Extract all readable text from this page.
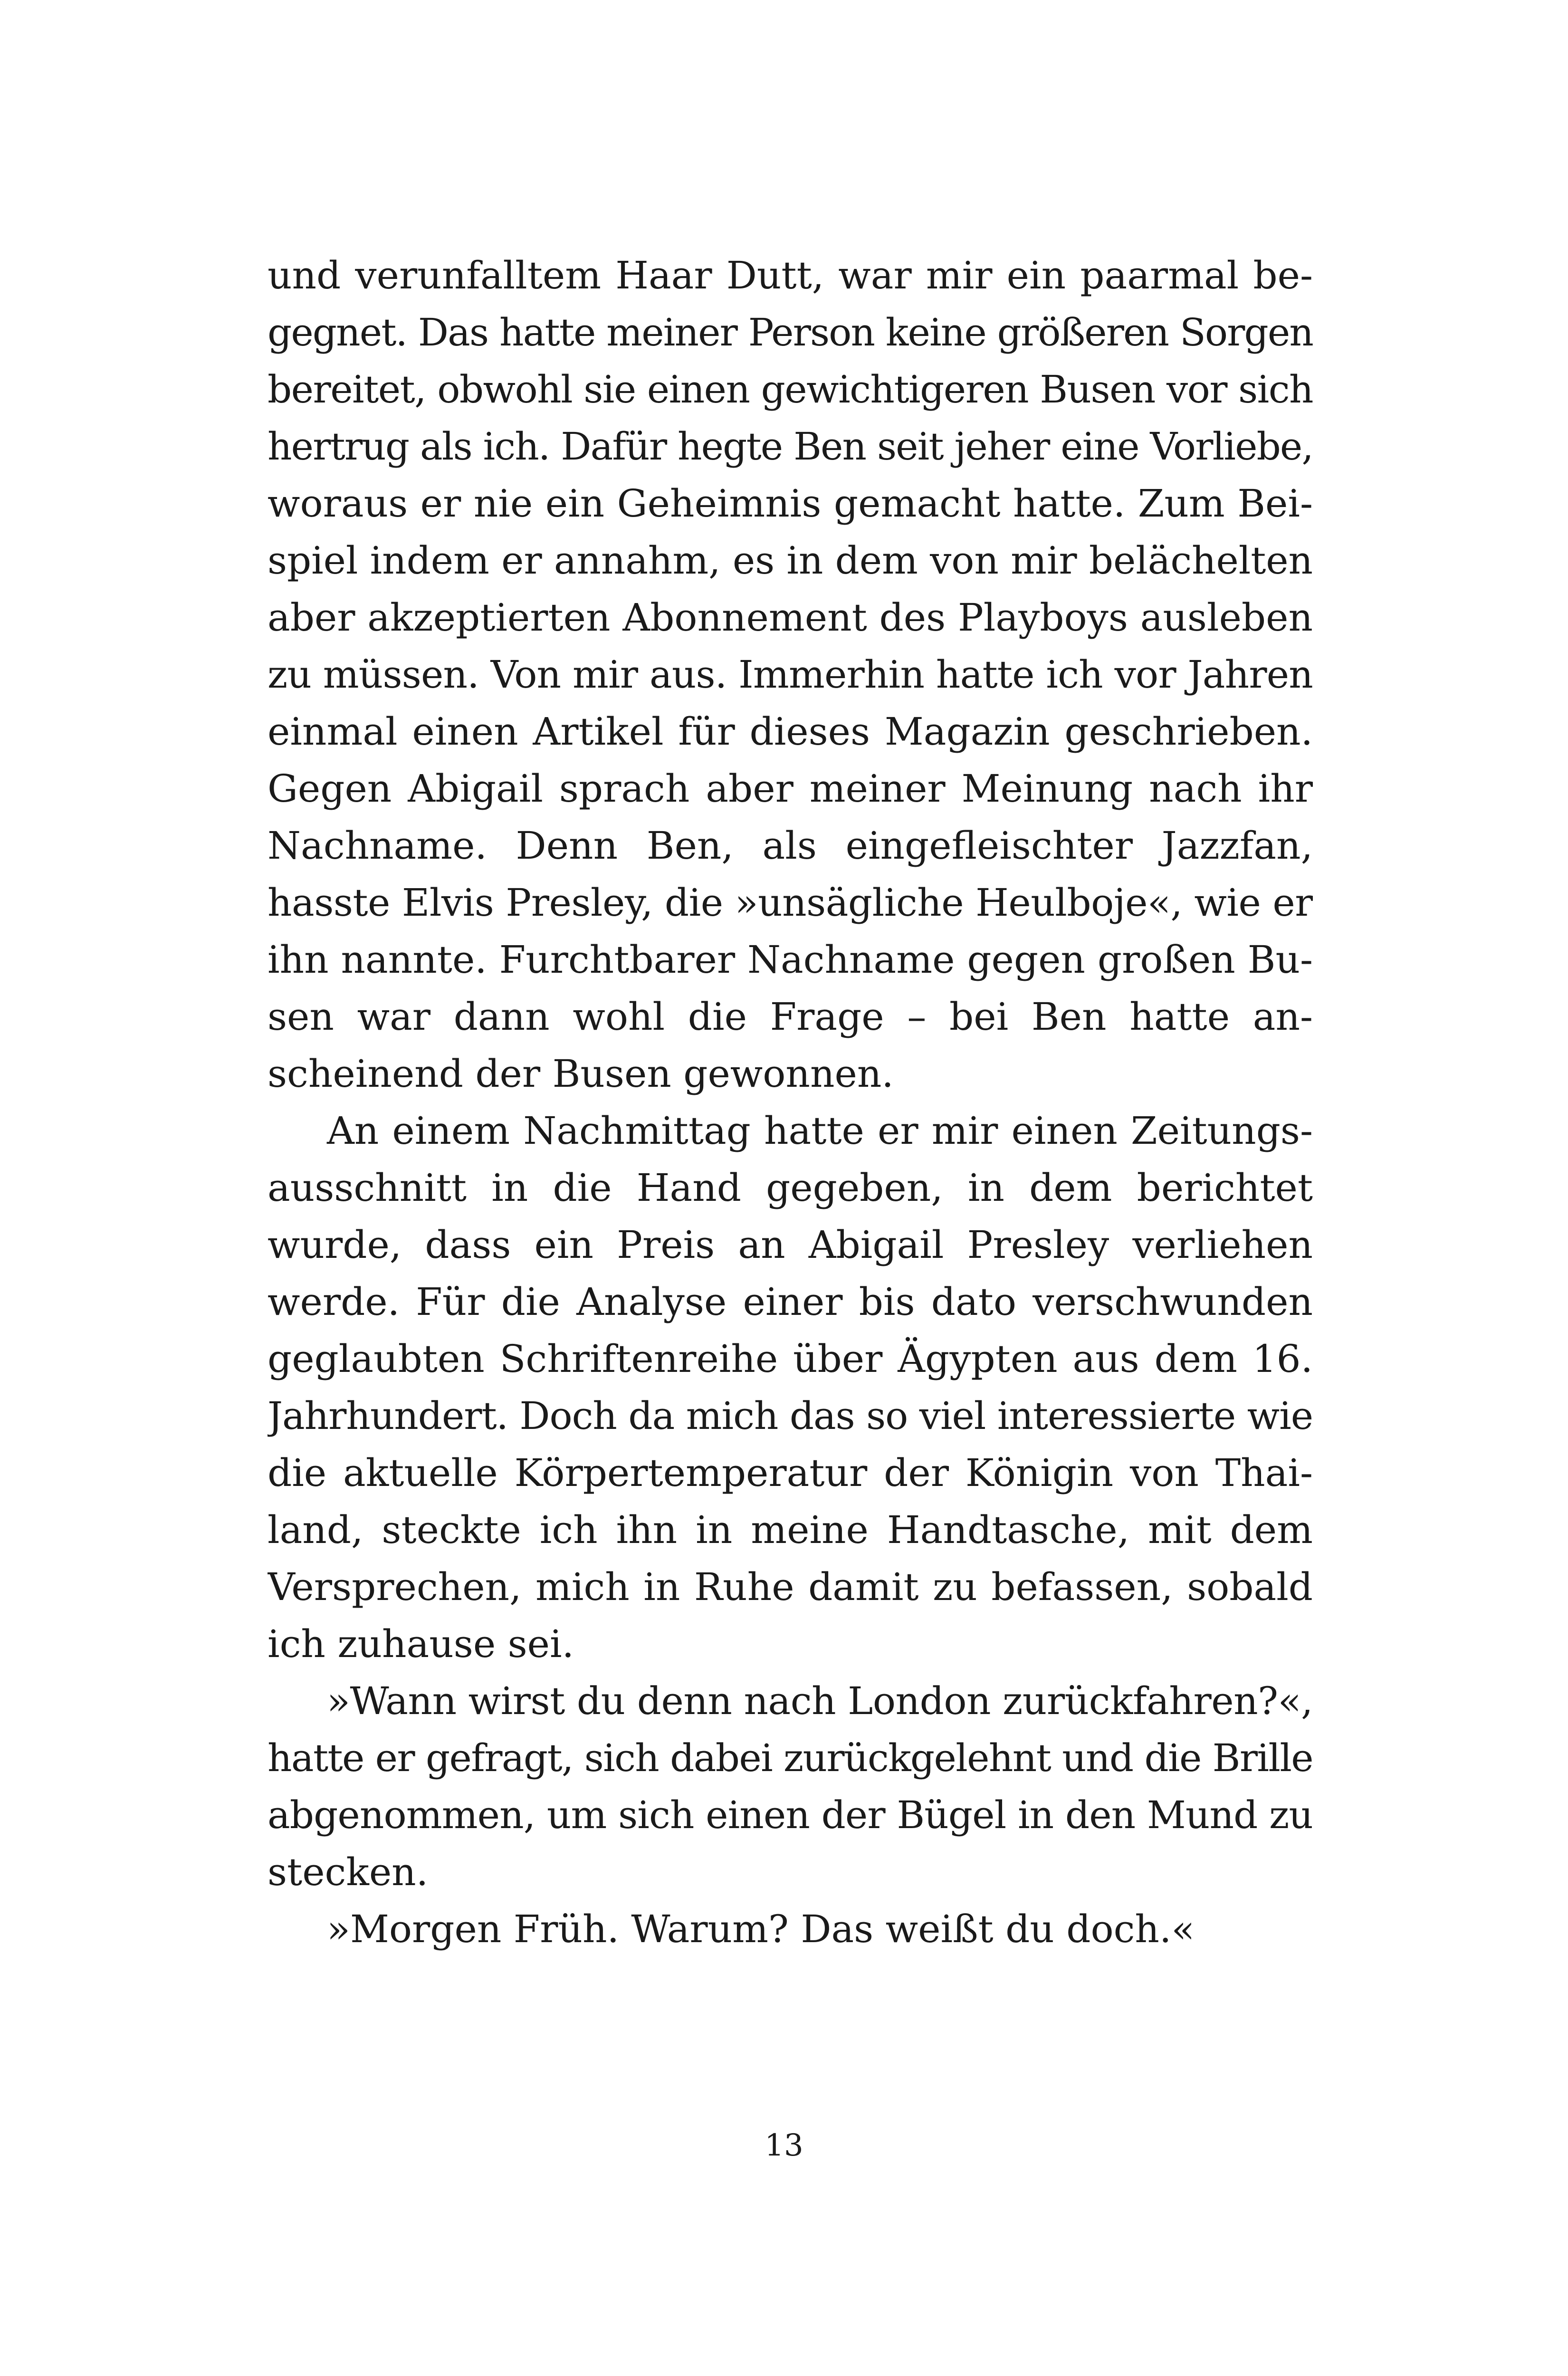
und verunfalltem Haar Dutt, war mir ein paarmal be-
gegnet. Das hatte meiner Person keine größeren Sorgen
bereitet, obwohl sie einen gewichtigeren Busen vor sich
hertrug als ich. Dafür hegte Ben seit jeher eine Vorliebe,
woraus er nie ein Geheimnis gemacht hatte. Zum Bei-
spiel indem er annahm, es in dem von mir belächelten
aber akzeptierten Abonnement des Playboys ausleben
zu müssen. Von mir aus. Immerhin hatte ich vor Jahren
einmal einen Artikel für dieses Magazin geschrieben.
Gegen Abigail sprach aber meiner Meinung nach ihr
Nachname. Denn Ben, als eingefleischter Jazzfan,
hasste Elvis Presley, die »unsägliche Heulboje«, wie er
ihn nannte. Furchtbarer Nachname gegen großen Bu-
sen war dann wohl die Frage – bei Ben hatte an-
scheinend der Busen gewonnen.
An einem Nachmittag hatte er mir einen Zeitungs-
ausschnitt in die Hand gegeben, in dem berichtet
wurde, dass ein Preis an Abigail Presley verliehen
werde. Für die Analyse einer bis dato verschwunden
geglaubten Schriftenreihe über Ägypten aus dem 16.
Jahrhundert. Doch da mich das so viel interessierte wie
die aktuelle Körpertemperatur der Königin von Thai-
land, steckte ich ihn in meine Handtasche, mit dem
Versprechen, mich in Ruhe damit zu befassen, sobald
ich zuhause sei.
»Wann wirst du denn nach London zurückfahren?«,
hatte er gefragt, sich dabei zurückgelehnt und die Brille
abgenommen, um sich einen der Bügel in den Mund zu
stecken.
»Morgen Früh. Warum? Das weißt du doch.«
13
